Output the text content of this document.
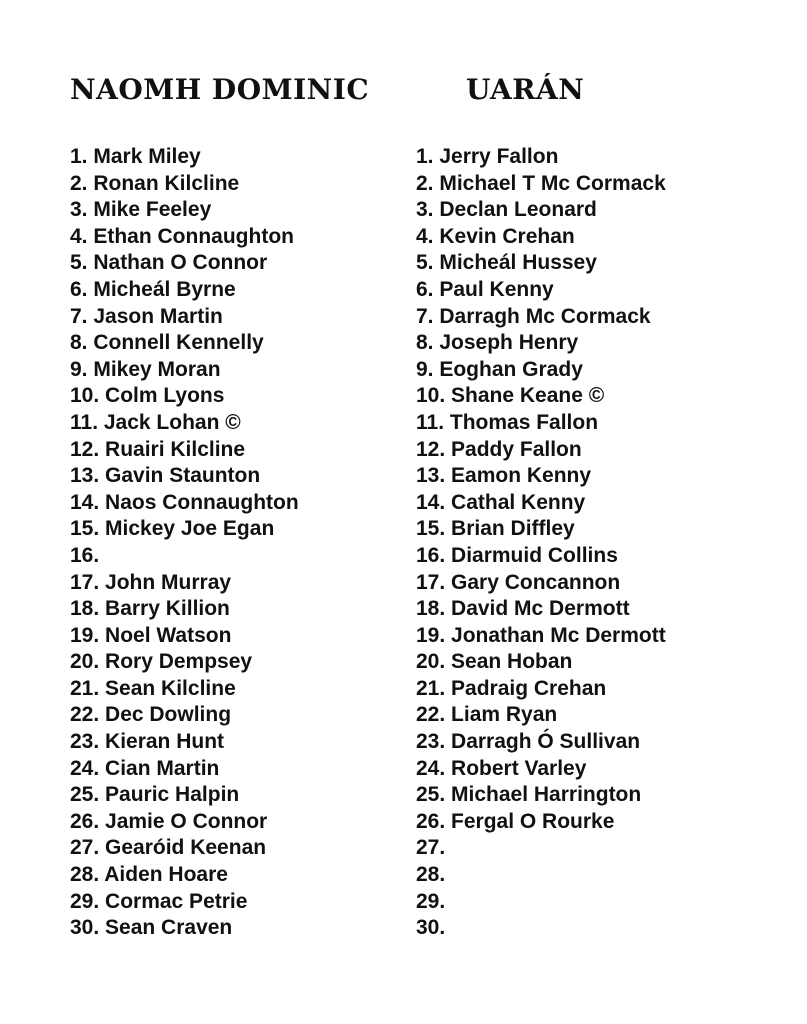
NAOMH DOMINIC	UARÁN
1. Mark Miley
2. Ronan Kilcline
3. Mike Feeley
4. Ethan Connaughton
5. Nathan O Connor
6. Micheál Byrne
7. Jason Martin
8. Connell Kennelly
9. Mikey Moran
10. Colm Lyons
11. Jack Lohan ©
12. Ruairi Kilcline
13. Gavin Staunton
14. Naos Connaughton
15. Mickey Joe Egan
16.
17. John Murray
18. Barry Killion
19. Noel Watson
20. Rory Dempsey
21. Sean Kilcline
22. Dec Dowling
23. Kieran Hunt
24. Cian Martin
25. Pauric Halpin
26. Jamie O Connor
27. Gearóid Keenan
28. Aiden Hoare
29. Cormac Petrie
30. Sean Craven
1. Jerry Fallon
2. Michael T Mc Cormack
3. Declan Leonard
4. Kevin Crehan
5. Micheál Hussey
6. Paul Kenny
7. Darragh Mc Cormack
8. Joseph Henry
9. Eoghan Grady
10. Shane Keane ©
11. Thomas Fallon
12. Paddy Fallon
13. Eamon Kenny
14. Cathal Kenny
15. Brian Diffley
16. Diarmuid Collins
17. Gary Concannon
18. David Mc Dermott
19. Jonathan Mc Dermott
20. Sean Hoban
21. Padraig Crehan
22. Liam Ryan
23. Darragh Ó Sullivan
24. Robert Varley
25. Michael Harrington
26. Fergal O Rourke
27.
28.
29.
30.
